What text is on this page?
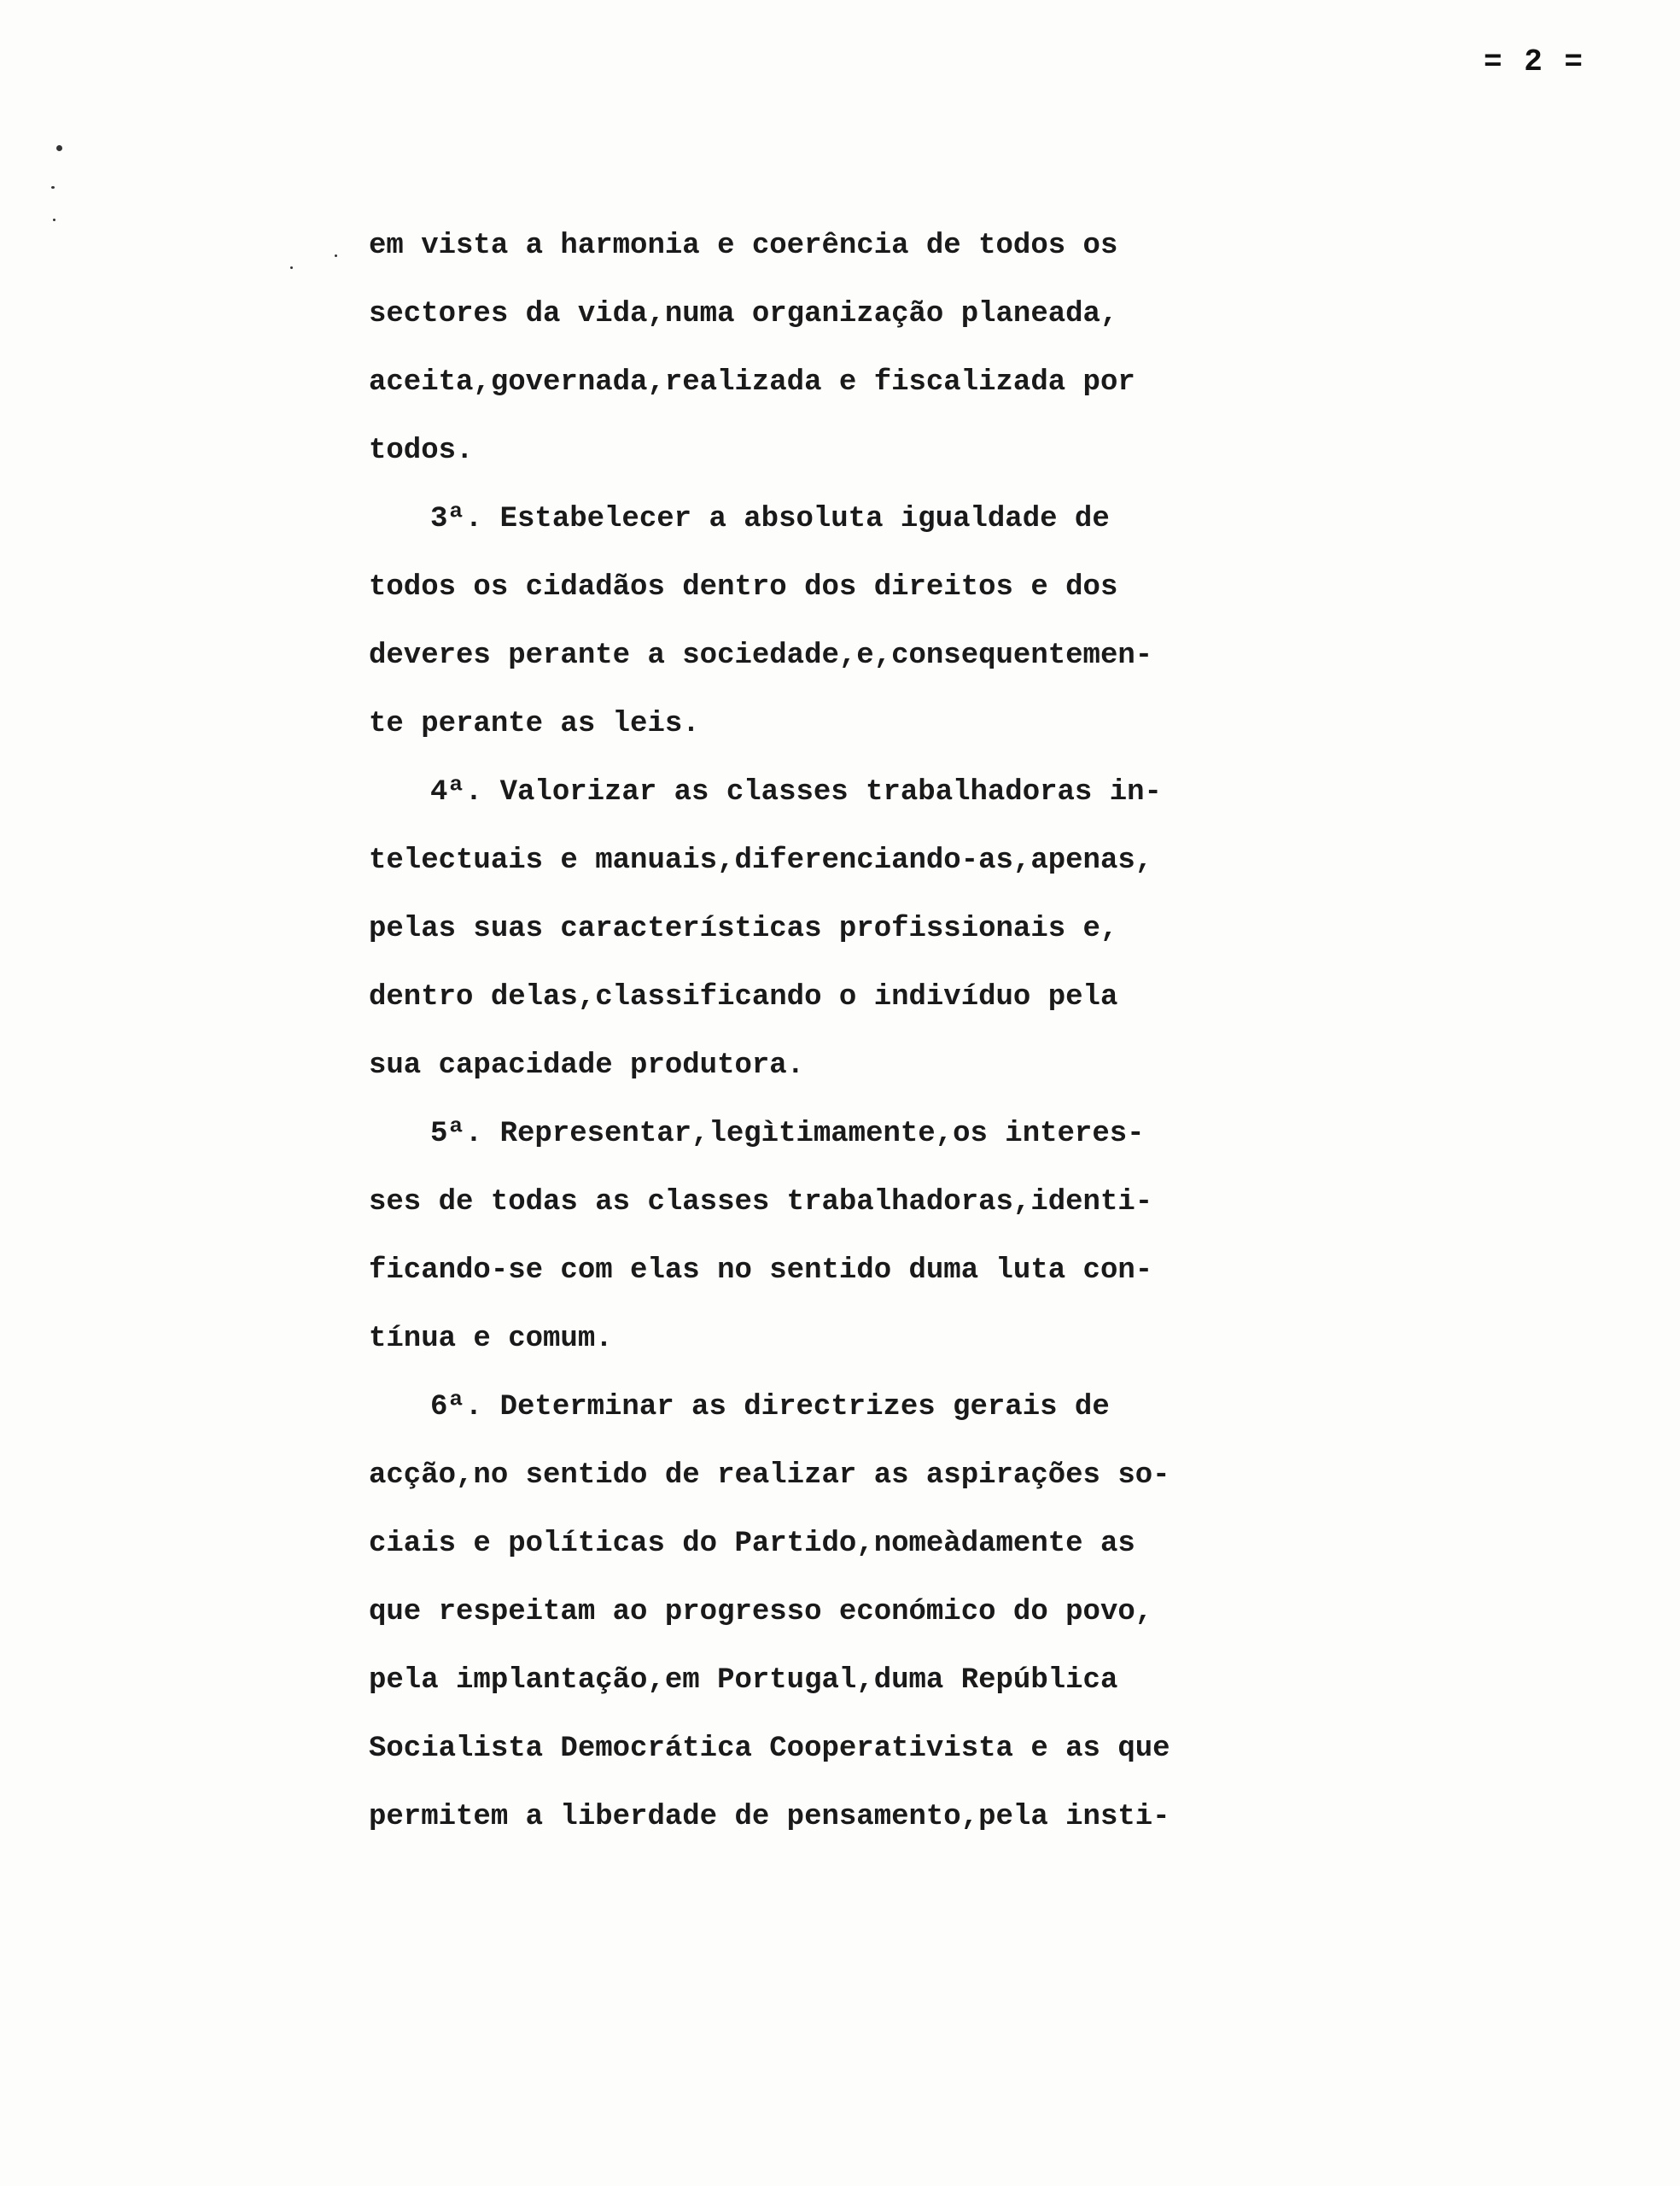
= 2 =
em vista a harmonia e coerência de todos os
sectores da vida,numa organização planeada,
aceita,governada,realizada e fiscalizada por
todos.
3ª. Estabelecer a absoluta igualdade de
todos os cidadãos dentro dos direitos e dos
deveres perante a sociedade,e,consequentemen-
te perante as leis.
4ª. Valorizar as classes trabalhadoras in-
telectuais e manuais,diferenciando-as,apenas,
pelas suas características profissionais e,
dentro delas,classificando o indivíduo pela
sua capacidade produtora.
5ª. Representar,legìtimamente,os interes-
ses de todas as classes trabalhadoras,identi-
ficando-se com elas no sentido duma luta con-
tínua e comum.
6ª. Determinar as directrizes gerais de
acção,no sentido de realizar as aspirações so-
ciais e políticas do Partido,nomeàdamente as
que respeitam ao progresso económico do povo,
pela implantação,em Portugal,duma República
Socialista Democrática Cooperativista e as que
permitem a liberdade de pensamento,pela insti-
